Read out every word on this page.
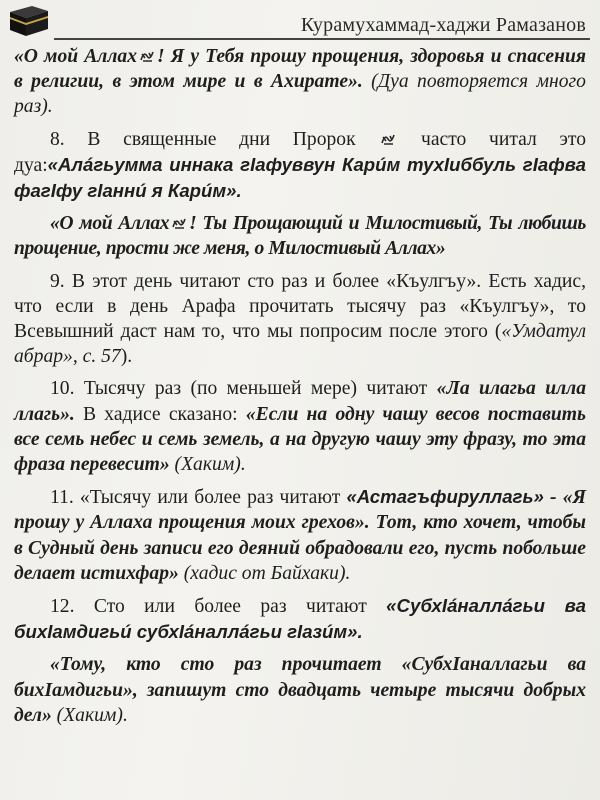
Курамухаммад-хаджи Рамазанов

«О мой Аллах ! Я у Тебя прошу прощения, здоровья и спасения в религии, в этом мире и в Ахирате». (Дуа повторяется много раз).

8. В священные дни Пророк	часто читал это дуа:«Алáгьумма иннака гIафуввун Карúм тухIиббуль гIафва фагIфу гIаннú я Карúм».

«О мой Аллах ! Ты Прощающий и Милостивый, Ты любишь прощение, прости же меня, о Милостивый Аллах»

9. В этот день читают сто раз и более «Къулгъу». Есть хадис, что если в день Арафа прочитать тысячу раз «Къулгъу», то Всевышний даст нам то, что мы попросим после этого («Умдатул абрар», с. 57).

10. Тысячу раз (по меньшей мере) читают «Ла илагьа илла ллагь». В хадисе сказано: «Если на одну чашу весов поставить все семь небес и семь земель, а на другую чашу эту фразу, то эта фраза перевесит» (Хаким).

11. «Тысячу или более раз читают «Астагъфируллагь» - «Я прошу у Аллаха прощения моих грехов». Тот, кто хочет, чтобы в Судный день записи его деяний обрадовали его, пусть побольше делает истихфар» (хадис от Байхаки).

12. Сто или более раз читают «СубхIáналлáгьи ва бихIамдигьú субхIáналлáгьи гIазúм».

«Тому, кто сто раз прочитает «СубхIаналлагьи ва бихIамдигьи», запишут сто двадцать четыре тысячи добрых дел» (Хаким).
